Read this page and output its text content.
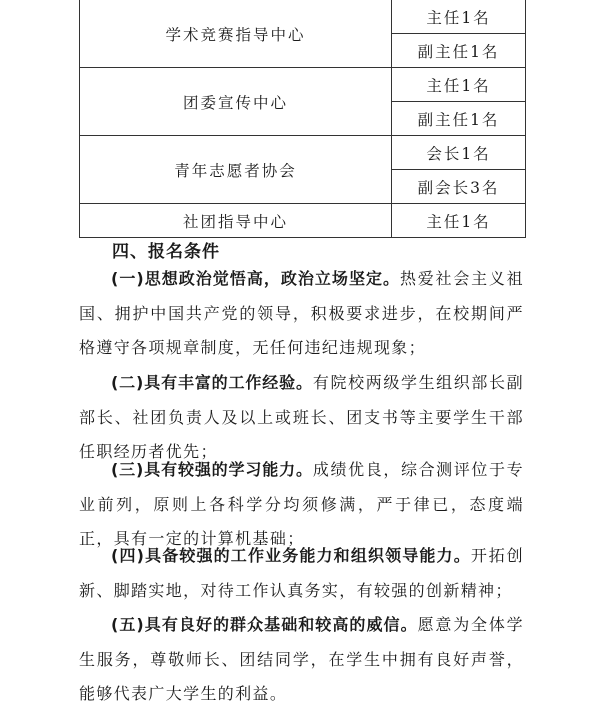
学术竞赛指导中心	主任1名
	副主任1名
团委宣传中心	主任1名
	副主任1名
青年志愿者协会	会长1名
	副会长3名
社团指导中心	主任1名
四、报名条件

(一)思想政治觉悟高，政治立场坚定。热爱社会主义祖国、拥护中国共产党的领导，积极要求进步，在校期间严格遵守各项规章制度，无任何违纪违规现象；

(二)具有丰富的工作经验。有院校两级学生组织部长副部长、社团负责人及以上或班长、团支书等主要学生干部任职经历者优先；

(三)具有较强的学习能力。成绩优良，综合测评位于专业前列，原则上各科学分均须修满，严于律已，态度端正，具有一定的计算机基础；

(四)具备较强的工作业务能力和组织领导能力。开拓创新、脚踏实地，对待工作认真务实，有较强的创新精神；

(五)具有良好的群众基础和较高的威信。愿意为全体学生服务，尊敬师长、团结同学，在学生中拥有良好声誉，能够代表广大学生的利益。
